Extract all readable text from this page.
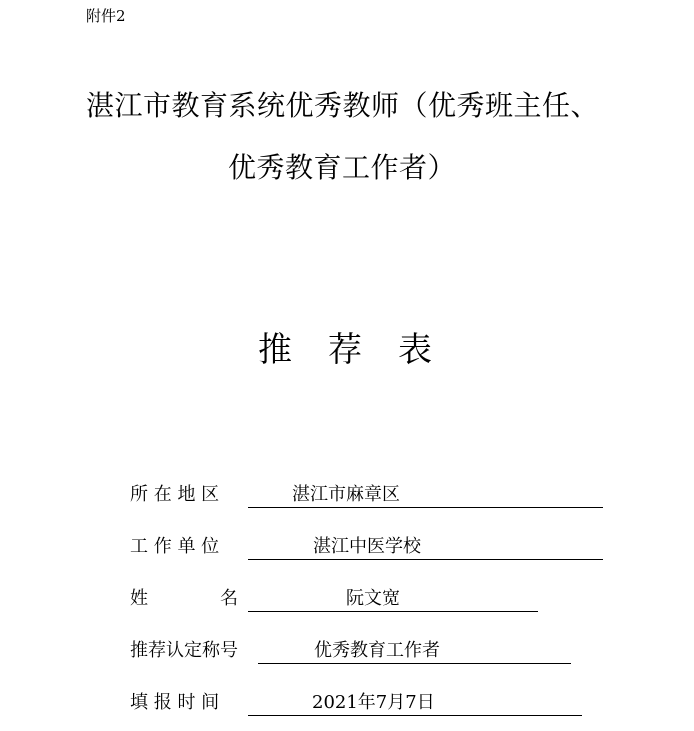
附件2
湛江市教育系统优秀教师（优秀班主任、
优秀教育工作者）
推 荐 表
所 在 地 区	湛江市麻章区
工 作 单 位	湛江中医学校
姓　　　　名	阮文宽
推荐认定称号	优秀教育工作者
填 报 时 间	2021年7月7日
